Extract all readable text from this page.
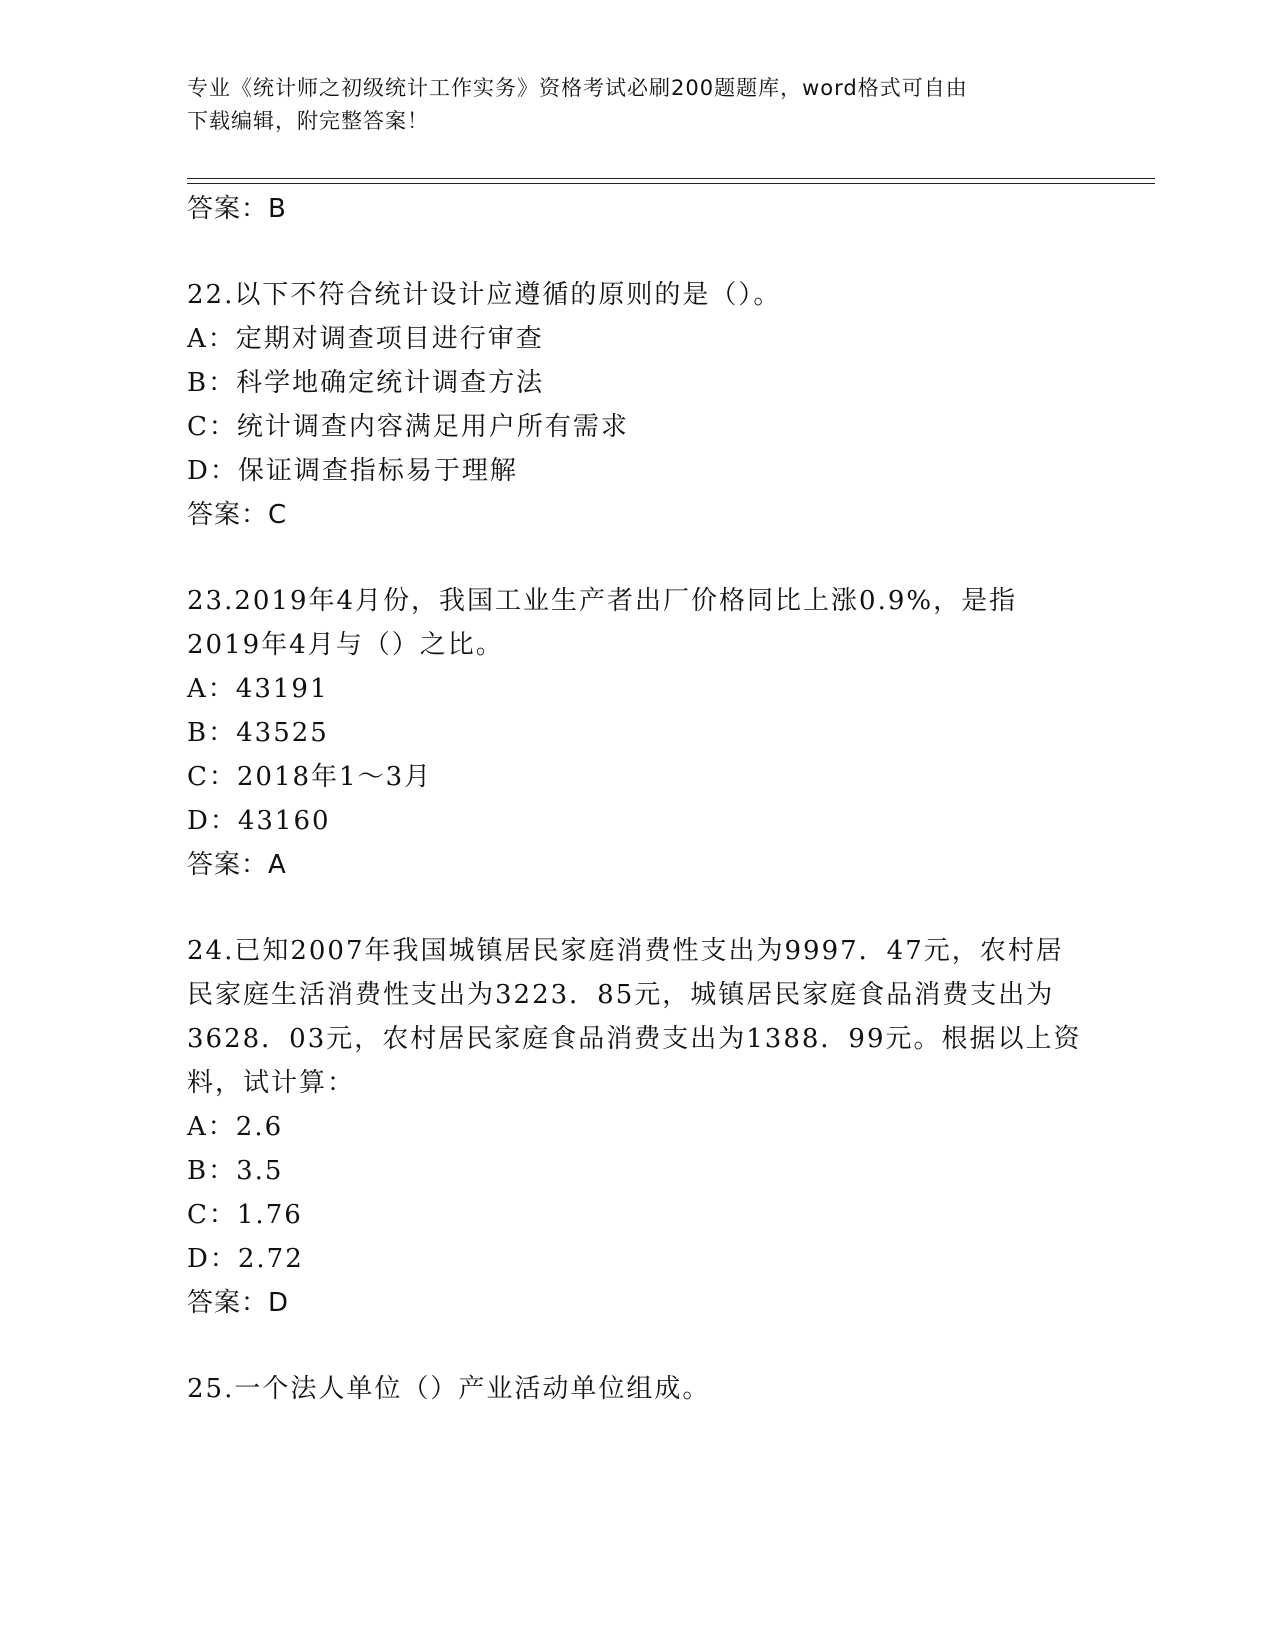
专业《统计师之初级统计工作实务》资格考试必刷200题题库，word格式可自由
下载编辑，附完整答案！
答案：B
22.以下不符合统计设计应遵循的原则的是（）。
A：定期对调查项目进行审查
B：科学地确定统计调查方法
C：统计调查内容满足用户所有需求
D：保证调查指标易于理解
答案：C
23.2019年4月份，我国工业生产者出厂价格同比上涨0.9%，是指
2019年4月与（）之比。
A：43191
B：43525
C：2018年1～3月
D：43160
答案：A
24.已知2007年我国城镇居民家庭消费性支出为9997．47元，农村居
民家庭生活消费性支出为3223．85元，城镇居民家庭食品消费支出为
3628．03元，农村居民家庭食品消费支出为1388．99元。根据以上资
料，试计算：
A：2.6
B：3.5
C：1.76
D：2.72
答案：D
25.一个法人单位（）产业活动单位组成。
